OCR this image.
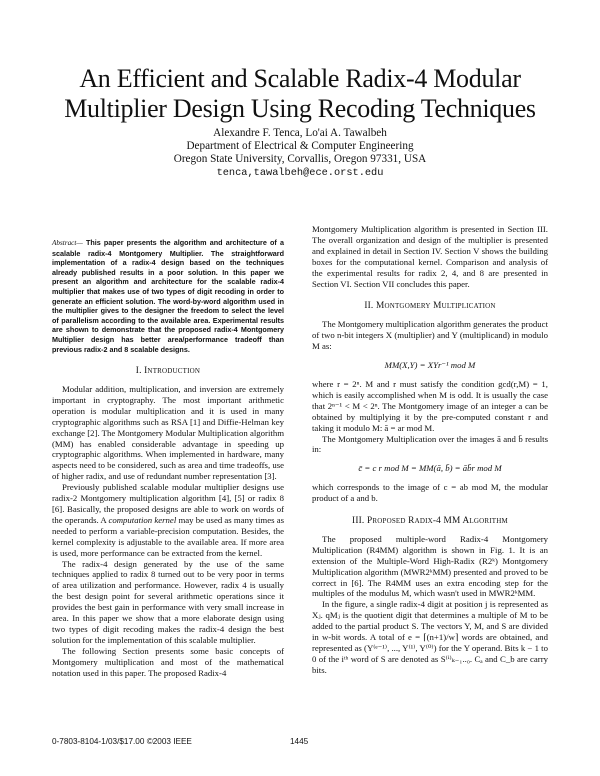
An Efficient and Scalable Radix-4 Modular
Multiplier Design Using Recoding Techniques
Alexandre F. Tenca, Lo'ai A. Tawalbeh
Department of Electrical & Computer Engineering
Oregon State University, Corvallis, Oregon 97331, USA
tenca,tawalbeh@ece.orst.edu

Abstract— This paper presents the algorithm and architecture of a scalable radix-4 Montgomery Multiplier. The straightforward implementation of a radix-4 design based on the techniques already published results in a poor solution. In this paper we present an algorithm and architecture for the scalable radix-4 multiplier that makes use of two types of digit recoding in order to generate an efficient solution. The word-by-word algorithm used in the multiplier gives to the designer the freedom to select the level of parallelism according to the available area. Experimental results are shown to demonstrate that the proposed radix-4 Montgomery Multiplier design has better area/performance tradeoff than previous radix-2 and 8 scalable designs.

I. Introduction

Modular addition, multiplication, and inversion are extremely important in cryptography. The most important arithmetic operation is modular multiplication and it is used in many cryptographic algorithms such as RSA [1] and Diffie-Helman key exchange [2]. The Montgomery Modular Multiplication algorithm (MM) has enabled considerable advantage in speeding up cryptographic algorithms. When implemented in hardware, many aspects need to be considered, such as area and time tradeoffs, use of higher radix, and use of redundant number representation [3].

Previously published scalable modular multiplier designs use radix-2 Montgomery multiplication algorithm [4], [5] or radix 8 [6]. Basically, the proposed designs are able to work on words of the operands. A computation kernel may be used as many times as needed to perform a variable-precision computation. Besides, the kernel complexity is adjustable to the available area. If more area is used, more performance can be extracted from the kernel.

The radix-4 design generated by the use of the same techniques applied to radix 8 turned out to be very poor in terms of area utilization and performance. However, radix 4 is usually the best design point for several arithmetic operations since it provides the best gain in performance with very small increase in area. In this paper we show that a more elaborate design using two types of digit recoding makes the radix-4 design the best solution for the implementation of this scalable multiplier.

The following Section presents some basic concepts of Montgomery multiplication and most of the mathematical notation used in this paper. The proposed Radix-4

Montgomery Multiplication algorithm is presented in Section III. The overall organization and design of the multiplier is presented and explained in detail in Section IV. Section V shows the building boxes for the computational kernel. Comparison and analysis of the experimental results for radix 2, 4, and 8 are presented in Section VI. Section VII concludes this paper.

II. Montgomery Multiplication

The Montgomery multiplication algorithm generates the product of two n-bit integers X (multiplier) and Y (multiplicand) in modulo M as:

MM(X,Y) = XYr⁻¹ mod M

where r = 2ⁿ. M and r must satisfy the condition gcd(r,M) = 1, which is easily accomplished when M is odd. It is usually the case that 2ⁿ⁻¹ < M < 2ⁿ. The Montgomery image of an integer a can be obtained by multiplying it by the pre-computed constant r and taking it modulo M: ā = ar mod M.

The Montgomery Multiplication over the images ā and b̄ results in:

c̄ = c r mod M = MM(ā, b̄) = āb̄r mod M

which corresponds to the image of c = ab mod M, the modular product of a and b.

III. Proposed Radix-4 MM Algorithm

The proposed multiple-word Radix-4 Montgomery Multiplication (R4MM) algorithm is shown in Fig. 1. It is an extension of the Multiple-Word High-Radix (R2ᵏ) Montgomery Multiplication algorithm (MWR2ᵏMM) presented and proved to be correct in [6]. The R4MM uses an extra encoding step for the multiples of the modulus M, which wasn't used in MWR2ᵏMM.

In the figure, a single radix-4 digit at position j is represented as Xⱼ. qMⱼ is the quotient digit that determines a multiple of M to be added to the partial product S. The vectors Y, M, and S are divided in w-bit words. A total of e = ⌈(n+1)/w⌉ words are obtained, and represented as (Y⁽ᵉ⁻¹⁾, ..., Y⁽¹⁾, Y⁽⁰⁾) for the Y operand. Bits k − 1 to 0 of the iᵗʰ word of S are denoted as S⁽ⁱ⁾ₖ₋₁..₀. Cₐ and C_b are carry bits.

0-7803-8104-1/03/$17.00 ©2003 IEEE	1445
